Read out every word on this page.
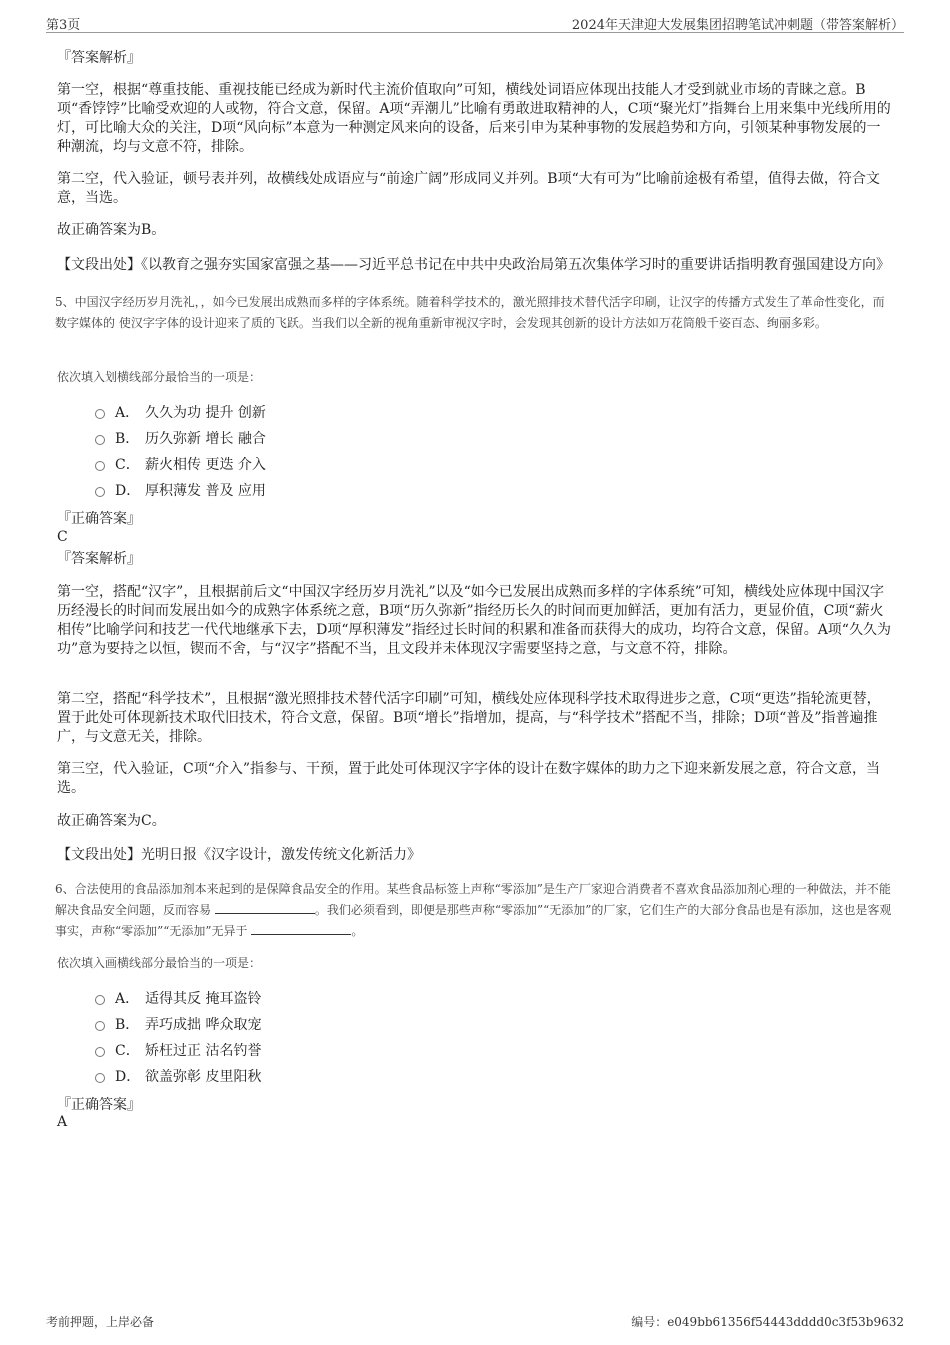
第3页	2024年天津迎大发展集团招聘笔试冲刺题（带答案解析）
『答案解析』
第一空，根据“尊重技能、重视技能已经成为新时代主流价值取向”可知，横线处词语应体现出技能人才受到就业市场的青睐之意。B项“香饽饽”比喻受欢迎的人或物，符合文意，保留。A项“弄潮儿”比喻有勇敢进取精神的人，C项“聚光灯”指舞台上用来集中光线所用的灯，可比喻大众的关注，D项“风向标”本意为一种测定风来向的设备，后来引申为某种事物的发展趋势和方向，引领某种事物发展的一种潮流，均与文意不符，排除。
第二空，代入验证，顿号表并列，故横线处成语应与“前途广阔”形成同义并列。B项“大有可为”比喻前途极有希望，值得去做，符合文意，当选。
故正确答案为B。
【文段出处】《以教育之强夯实国家富强之基——习近平总书记在中共中央政治局第五次集体学习时的重要讲话指明教育强国建设方向》
5、中国汉字经历岁月洗礼，，如今已发展出成熟而多样的字体系统。随着科学技术的，激光照排技术替代活字印刷，让汉字的传播方式发生了革命性变化，而数字媒体的 使汉字字体的设计迎来了质的飞跃。当我们以全新的视角重新审视汉字时，会发现其创新的设计方法如万花筒般千姿百态、绚丽多彩。
依次填入划横线部分最恰当的一项是：
A． 久久为功 提升 创新
B． 历久弥新 增长 融合
C． 薪火相传 更迭 介入
D． 厚积薄发 普及 应用
『正确答案』
C
『答案解析』
第一空，搭配“汉字”，且根据前后文“中国汉字经历岁月洗礼”以及“如今已发展出成熟而多样的字体系统”可知，横线处应体现中国汉字历经漫长的时间而发展出如今的成熟字体系统之意，B项“历久弥新”指经历长久的时间而更加鲜活，更加有活力，更显价值，C项“薪火相传”比喻学问和技艺一代代地继承下去，D项“厚积薄发”指经过长时间的积累和准备而获得大的成功，均符合文意，保留。A项“久久为功”意为要持之以恒，锲而不舍，与“汉字”搭配不当，且文段并未体现汉字需要坚持之意，与文意不符，排除。
第二空，搭配“科学技术”，且根据“激光照排技术替代活字印刷”可知，横线处应体现科学技术取得进步之意，C项“更迭”指轮流更替，置于此处可体现新技术取代旧技术，符合文意，保留。B项“增长”指增加，提高，与“科学技术”搭配不当，排除；D项“普及”指普遍推广，与文意无关，排除。
第三空，代入验证，C项“介入”指参与、干预，置于此处可体现汉字字体的设计在数字媒体的助力之下迎来新发展之意，符合文意，当选。
故正确答案为C。
【文段出处】光明日报《汉字设计，激发传统文化新活力》
6、合法使用的食品添加剂本来起到的是保障食品安全的作用。某些食品标签上声称“零添加”是生产厂家迎合消费者不喜欢食品添加剂心理的一种做法，并不能解决食品安全问题，反而容易	。我们必须看到，即便是那些声称“零添加”“无添加”的厂家，它们生产的大部分食品也是有添加，这也是客观事实，声称“零添加”“无添加”无异于	。
依次填入画横线部分最恰当的一项是：
A． 适得其反 掩耳盗铃
B． 弄巧成拙 哗众取宠
C． 矫枉过正 沽名钓誉
D． 欲盖弥彰 皮里阳秋
『正确答案』
A
考前押题，上岸必备	编号：e049bb61356f54443dddd0c3f53b9632
